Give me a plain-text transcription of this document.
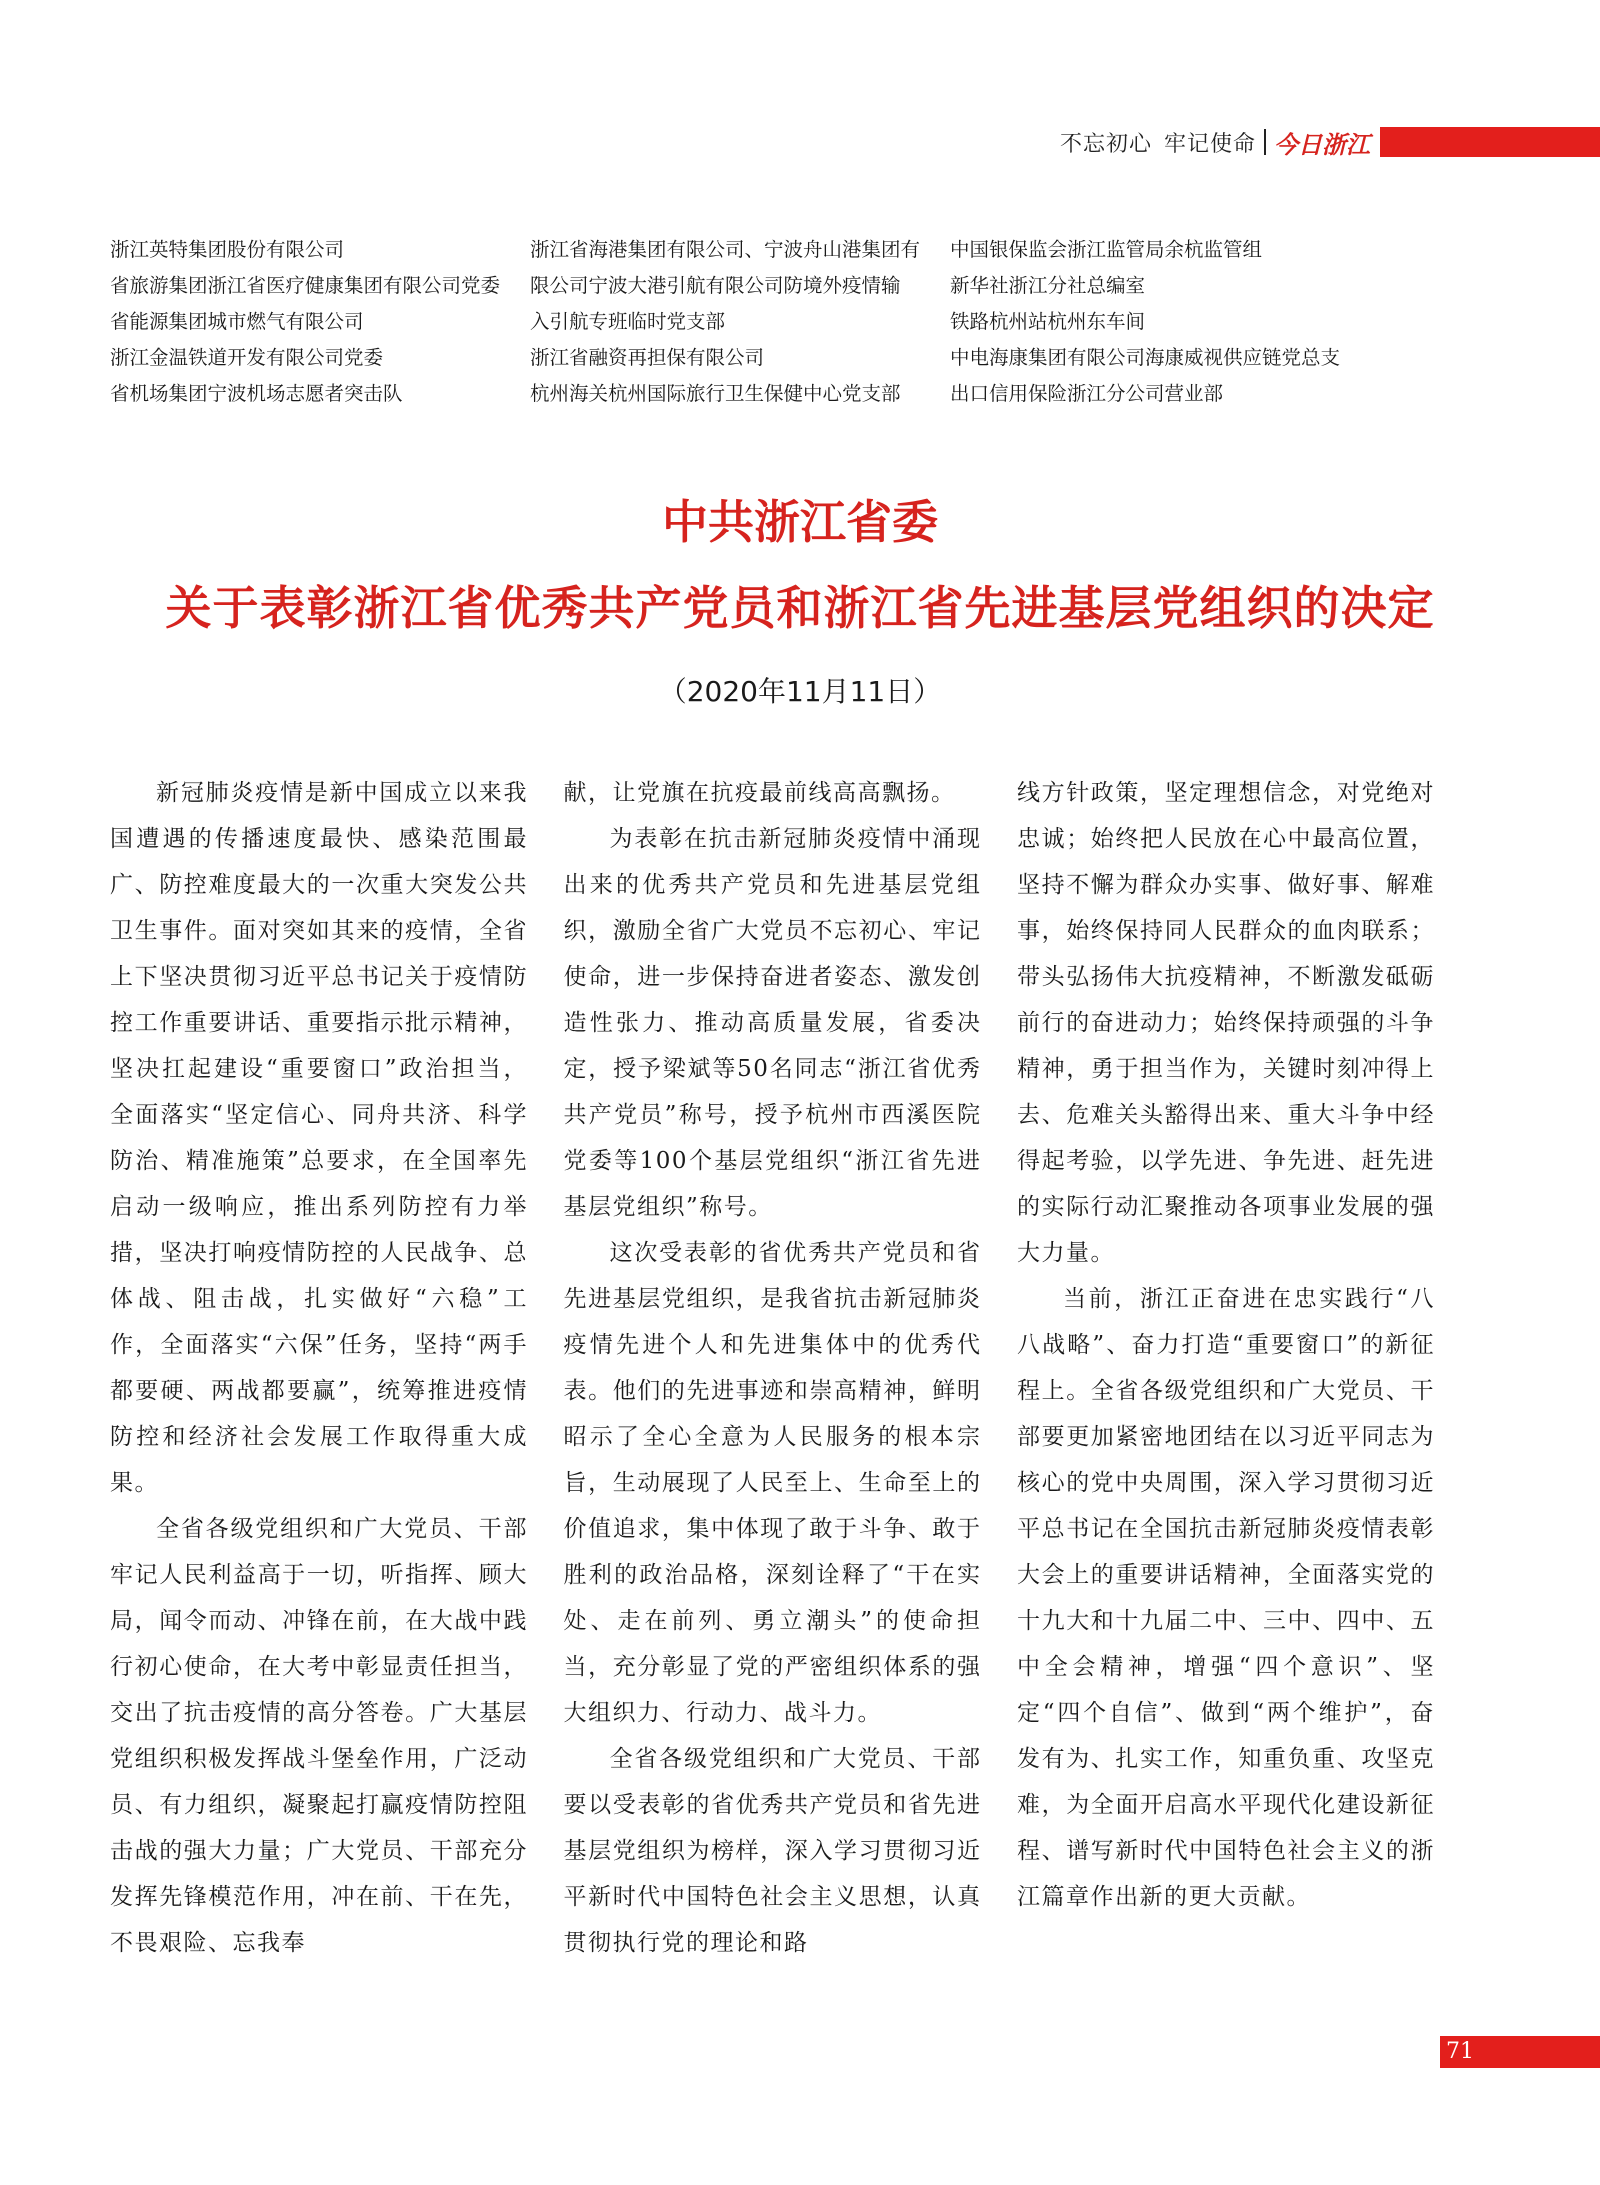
不忘初心 牢记使命 今日浙江
浙江英特集团股份有限公司
省旅游集团浙江省医疗健康集团有限公司党委
省能源集团城市燃气有限公司
浙江金温铁道开发有限公司党委
省机场集团宁波机场志愿者突击队
浙江省海港集团有限公司、宁波舟山港集团有
限公司宁波大港引航有限公司防境外疫情输
入引航专班临时党支部
浙江省融资再担保有限公司
杭州海关杭州国际旅行卫生保健中心党支部
中国银保监会浙江监管局余杭监管组
新华社浙江分社总编室
铁路杭州站杭州东车间
中电海康集团有限公司海康威视供应链党总支
出口信用保险浙江分公司营业部
中共浙江省委
关于表彰浙江省优秀共产党员和浙江省先进基层党组织的决定
（2020年11月11日）

新冠肺炎疫情是新中国成立以来我国遭遇的传播速度最快、感染范围最广、防控难度最大的一次重大突发公共卫生事件。面对突如其来的疫情，全省上下坚决贯彻习近平总书记关于疫情防控工作重要讲话、重要指示批示精神，坚决扛起建设“重要窗口”政治担当，全面落实“坚定信心、同舟共济、科学防治、精准施策”总要求，在全国率先启动一级响应，推出系列防控有力举措，坚决打响疫情防控的人民战争、总体战、阻击战，扎实做好“六稳”工作，全面落实“六保”任务，坚持“两手都要硬、两战都要赢”，统筹推进疫情防控和经济社会发展工作取得重大成果。

全省各级党组织和广大党员、干部牢记人民利益高于一切，听指挥、顾大局，闻令而动、冲锋在前，在大战中践行初心使命，在大考中彰显责任担当，交出了抗击疫情的高分答卷。广大基层党组织积极发挥战斗堡垒作用，广泛动员、有力组织，凝聚起打赢疫情防控阻击战的强大力量；广大党员、干部充分发挥先锋模范作用，冲在前、干在先，不畏艰险、忘我奉

献，让党旗在抗疫最前线高高飘扬。

为表彰在抗击新冠肺炎疫情中涌现出来的优秀共产党员和先进基层党组织，激励全省广大党员不忘初心、牢记使命，进一步保持奋进者姿态、激发创造性张力、推动高质量发展，省委决定，授予梁斌等50名同志“浙江省优秀共产党员”称号，授予杭州市西溪医院党委等100个基层党组织“浙江省先进基层党组织”称号。

这次受表彰的省优秀共产党员和省先进基层党组织，是我省抗击新冠肺炎疫情先进个人和先进集体中的优秀代表。他们的先进事迹和崇高精神，鲜明昭示了全心全意为人民服务的根本宗旨，生动展现了人民至上、生命至上的价值追求，集中体现了敢于斗争、敢于胜利的政治品格，深刻诠释了“干在实处、走在前列、勇立潮头”的使命担当，充分彰显了党的严密组织体系的强大组织力、行动力、战斗力。

全省各级党组织和广大党员、干部要以受表彰的省优秀共产党员和省先进基层党组织为榜样，深入学习贯彻习近平新时代中国特色社会主义思想，认真贯彻执行党的理论和路

线方针政策，坚定理想信念，对党绝对忠诚；始终把人民放在心中最高位置，坚持不懈为群众办实事、做好事、解难事，始终保持同人民群众的血肉联系；带头弘扬伟大抗疫精神，不断激发砥砺前行的奋进动力；始终保持顽强的斗争精神，勇于担当作为，关键时刻冲得上去、危难关头豁得出来、重大斗争中经得起考验，以学先进、争先进、赶先进的实际行动汇聚推动各项事业发展的强大力量。

当前，浙江正奋进在忠实践行“八八战略”、奋力打造“重要窗口”的新征程上。全省各级党组织和广大党员、干部要更加紧密地团结在以习近平同志为核心的党中央周围，深入学习贯彻习近平总书记在全国抗击新冠肺炎疫情表彰大会上的重要讲话精神，全面落实党的十九大和十九届二中、三中、四中、五中全会精神，增强“四个意识”、坚定“四个自信”、做到“两个维护”，奋发有为、扎实工作，知重负重、攻坚克难，为全面开启高水平现代化建设新征程、谱写新时代中国特色社会主义的浙江篇章作出新的更大贡献。

71
